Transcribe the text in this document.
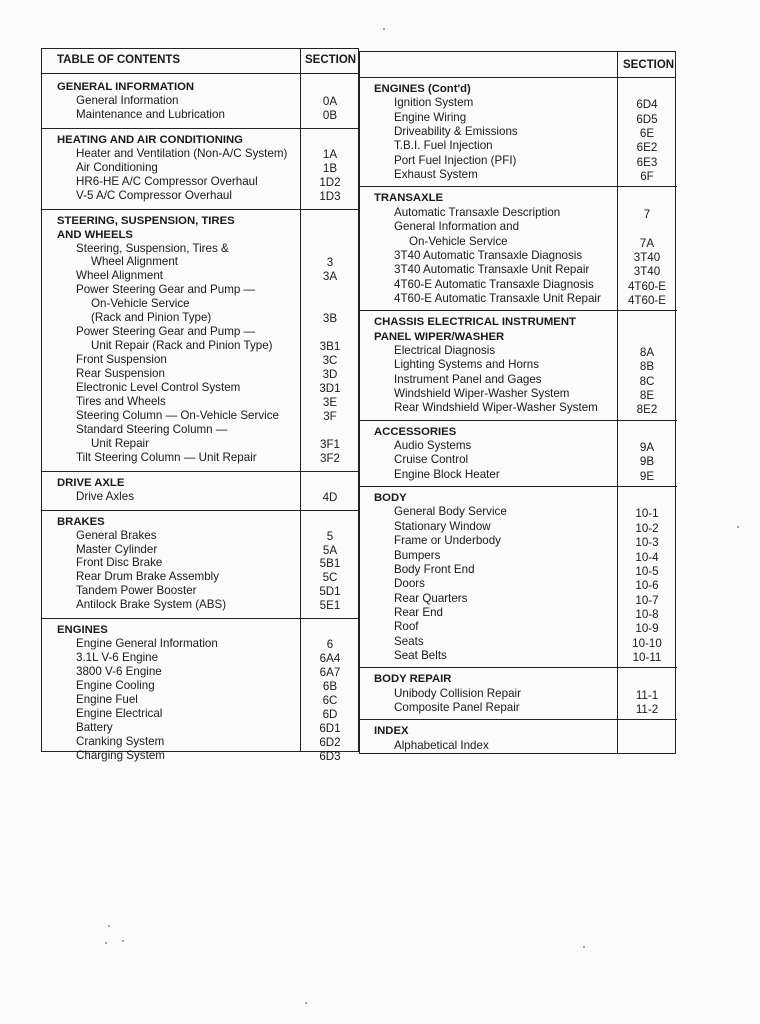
TABLE OF CONTENTS	SECTION
GENERAL INFORMATION
General Information	0A
Maintenance and Lubrication	0B
HEATING AND AIR CONDITIONING
Heater and Ventilation (Non-A/C System)	1A
Air Conditioning	1B
HR6-HE A/C Compressor Overhaul	1D2
V-5 A/C Compressor Overhaul	1D3
STEERING, SUSPENSION, TIRES
AND WHEELS
Steering, Suspension, Tires &
Wheel Alignment	3
Wheel Alignment	3A
Power Steering Gear and Pump —
On-Vehicle Service
(Rack and Pinion Type)	3B
Power Steering Gear and Pump —
Unit Repair (Rack and Pinion Type)	3B1
Front Suspension	3C
Rear Suspension	3D
Electronic Level Control System	3D1
Tires and Wheels	3E
Steering Column — On-Vehicle Service	3F
Standard Steering Column —
Unit Repair	3F1
Tilt Steering Column — Unit Repair	3F2
DRIVE AXLE
Drive Axles	4D
BRAKES
General Brakes	5
Master Cylinder	5A
Front Disc Brake	5B1
Rear Drum Brake Assembly	5C
Tandem Power Booster	5D1
Antilock Brake System (ABS)	5E1
ENGINES
Engine General Information	6
3.1L V-6 Engine	6A4
3800 V-6 Engine	6A7
Engine Cooling	6B
Engine Fuel	6C
Engine Electrical	6D
Battery	6D1
Cranking System	6D2
Charging System	6D3
SECTION
ENGINES (Cont'd)
Ignition System	6D4
Engine Wiring	6D5
Driveability & Emissions	6E
T.B.I. Fuel Injection	6E2
Port Fuel Injection (PFI)	6E3
Exhaust System	6F
TRANSAXLE
Automatic Transaxle Description	7
General Information and
On-Vehicle Service	7A
3T40 Automatic Transaxle Diagnosis	3T40
3T40 Automatic Transaxle Unit Repair	3T40
4T60-E Automatic Transaxle Diagnosis	4T60-E
4T60-E Automatic Transaxle Unit Repair	4T60-E
CHASSIS ELECTRICAL INSTRUMENT
PANEL WIPER/WASHER
Electrical Diagnosis	8A
Lighting Systems and Horns	8B
Instrument Panel and Gages	8C
Windshield Wiper-Washer System	8E
Rear Windshield Wiper-Washer System	8E2
ACCESSORIES
Audio Systems	9A
Cruise Control	9B
Engine Block Heater	9E
BODY
General Body Service	10-1
Stationary Window	10-2
Frame or Underbody	10-3
Bumpers	10-4
Body Front End	10-5
Doors	10-6
Rear Quarters	10-7
Rear End	10-8
Roof	10-9
Seats	10-10
Seat Belts	10-11
BODY REPAIR
Unibody Collision Repair	11-1
Composite Panel Repair	11-2
INDEX
Alphabetical Index
